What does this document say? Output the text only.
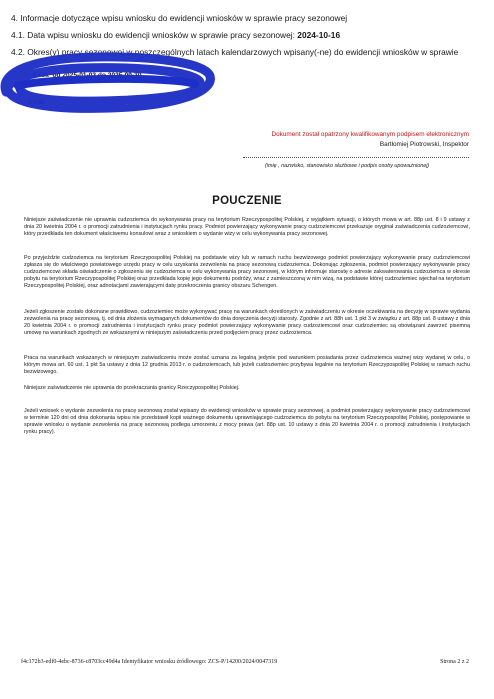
4. Informacje dotyczące wpisu wniosku do ewidencji wniosków w sprawie pracy sezonowej
4.1. Data wpisu wniosku do ewidencji wniosków w sprawie pracy sezonowej: 2024-10-16
4.2. Okres(y) pracy sezonowej w poszczególnych latach kalendarzowych wpisany(-ne) do ewidencji wniosków w sprawie
1 rok od 2025-01-03 do 2025-09-30
3 rok
Dokument został opatrzony kwalifikowanym podpisem elektronicznym
Bartłomiej Piotrowski, Inspektor
(imię , nazwisko, stanowisko służbowe i podpis osoby upoważnionej)
POUCZENIE
Niniejsze zaświadczenie nie uprawnia cudzoziemca do wykonywania pracy na terytorium Rzeczypospolitej Polskiej, z wyjątkiem sytuacji, o których mowa w art. 88p ust. 8 i 9 ustawy z dnia 20 kwietnia 2004 r. o promocji zatrudnienia i instytucjach rynku pracy. Podmiot powierzający wykonywanie pracy cudzoziemcowi przekazuje oryginał zaświadczenia cudzoziemcowi, który przedkłada ten dokument właściwemu konsulowi wraz z wnioskiem o wydanie wizy w celu wykonywania pracy sezonowej.
Po przyjeździe cudzoziemca na terytorium Rzeczypospolitej Polskiej na podstawie wizy lub w ramach ruchu bezwizowego podmiot powierzający wykonywanie pracy cudzoziemcowi zgłasza się do właściwego powiatowego urzędu pracy w celu uzyskania zezwolenia na pracę sezonową cudzoziemca. Dokonując zgłoszenia, podmiot powierzający wykonywanie pracy cudzoziemcowi składa oświadczenie o zgłoszeniu się cudzoziemca w celu wykonywania pracy sezonowej, w którym informuje starostę o adresie zakwaterowania cudzoziemca w okresie pobytu na terytorium Rzeczypospolitej Polskiej oraz przedkłada kopię jego dokumentu podróży, wraz z zamieszczoną w nim wizą, na podstawie której cudzoziemiec wjechał na terytorium Rzeczypospolitej Polskiej, oraz adnotacjami zawierającymi datę przekroczenia granicy obszaru Schengen.
Jeżeli zgłoszenie zostało dokonane prawidłowo, cudzoziemiec może wykonywać pracę na warunkach określonych w zaświadczeniu w okresie oczekiwania na decyzję w sprawie wydania zezwolenia na pracę sezonową, tj. od dnia złożenia wymaganych dokumentów do dnia doręczenia decyzji starosty. Zgodnie z art. 88h ust. 1 pkt 3 w związku z art. 88p ust. 8 ustawy z dnia 20 kwietnia 2004 r. o promocji zatrudnienia i instytucjach rynku pracy podmiot powierzający wykonywanie pracy cudzoziemcowi oraz cudzoziemiec są obowiązani zawrzeć pisemną umowę na warunkach zgodnych ze wskazanymi w niniejszym zaświadczeniu przed podjęciem pracy przez cudzoziemca.
Praca na warunkach wskazanych w niniejszym zaświadczeniu może zostać uznana za legalną jedynie pod warunkiem posiadania przez cudzoziemca ważnej wizy wydanej w celu, o którym mowa art. 60 ust. 1 pkt 5a ustawy z dnia 12 grudnia 2013 r. o cudzoziemcach, lub jeżeli cudzoziemiec przybywa legalnie na terytorium Rzeczypospolitej Polskiej w ramach ruchu bezwizowego.
Niniejsze zaświadczenie nie uprawnia do przekraczania granicy Rzeczypospolitej Polskiej.
Jeżeli wniosek o wydanie zezwolenia na pracę sezonową został wpisany do ewidencji wniosków w sprawie pracy sezonowej, a podmiot powierzający wykonywanie pracy cudzoziemcowi w terminie 120 dni od dnia dokonania wpisu nie przedstawił kopii ważnego dokumentu uprawniającego cudzoziemca do pobytu na terytorium Rzeczypospolitej Polskiej, postępowanie w sprawie wniosku o wydanie zezwolenia na pracę sezonową podlega umorzeniu z mocy prawa (art. 88p ust. 10 ustawy z dnia 20 kwietnia 2004 r. o promocji zatrudnienia i instytucjach rynku pracy).
f4c172b3-edf0-4ebc-8736-c8703cc49d4a Identyfikator wniosku źródłowego: ZCS-P/14200/2024/0047319	Strona 2 z 2
